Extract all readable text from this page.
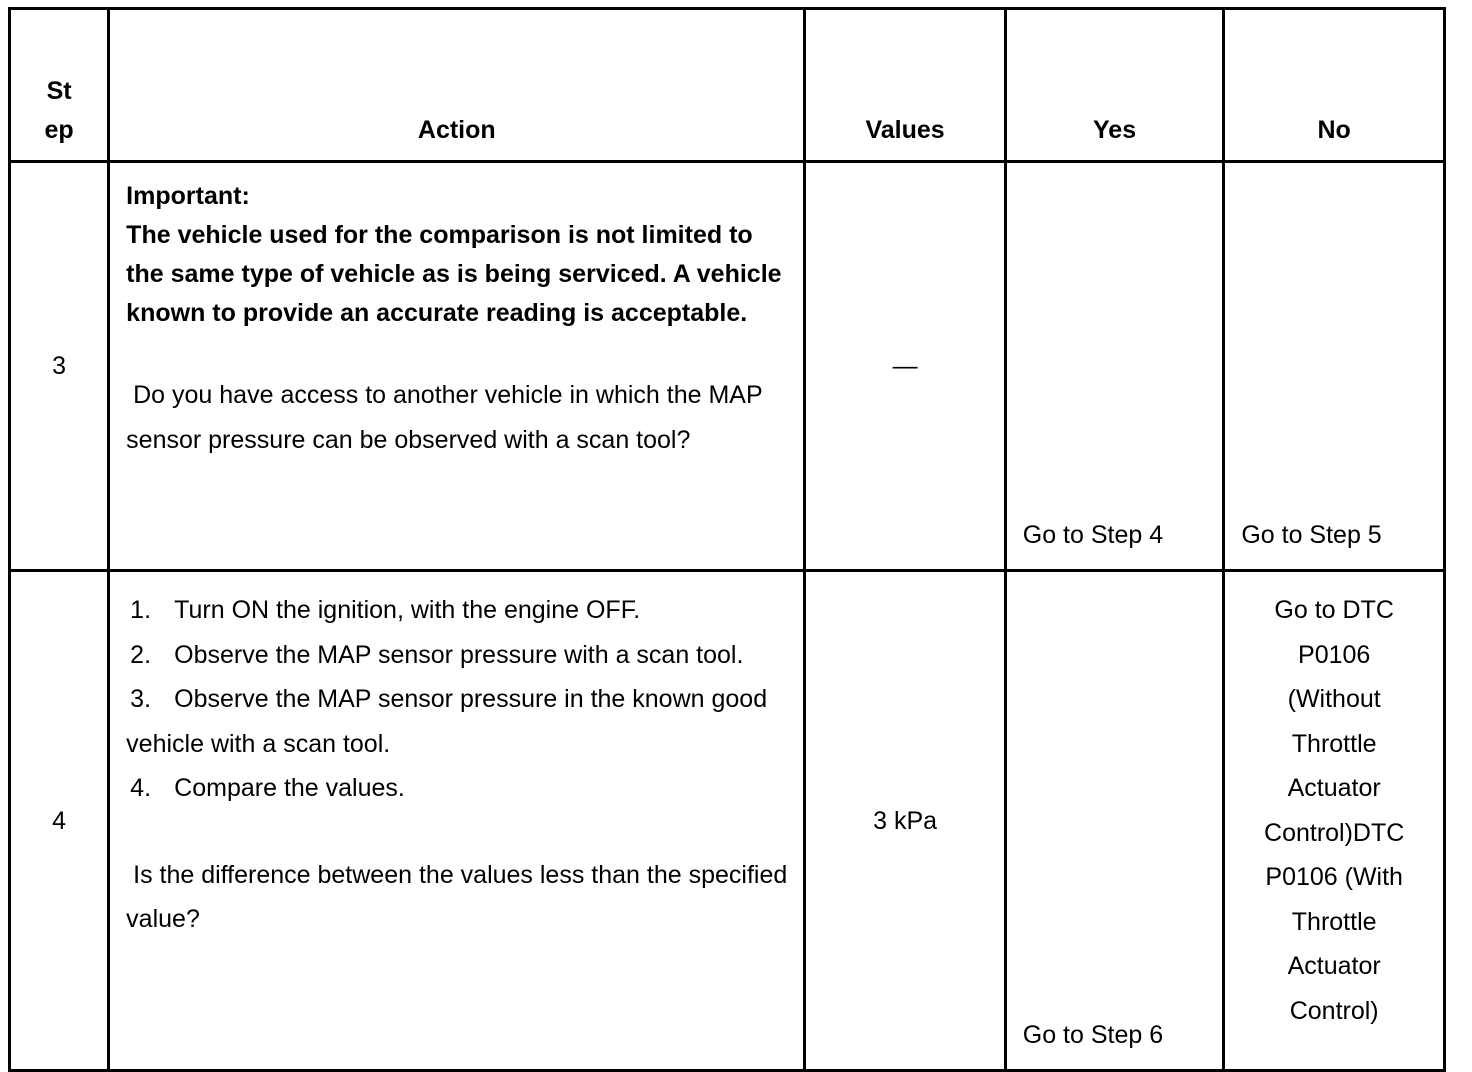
St ep	Action	Values	Yes	No
3	Important:
The vehicle used for the comparison is not limited to the same type of vehicle as is being serviced. A vehicle known to provide an accurate reading is acceptable.
Do you have access to another vehicle in which the MAP sensor pressure can be observed with a scan tool?	—	Go to Step 4	Go to Step 5
4	1. Turn ON the ignition, with the engine OFF.
2. Observe the MAP sensor pressure with a scan tool.
3. Observe the MAP sensor pressure in the known good vehicle with a scan tool.
4. Compare the values.
Is the difference between the values less than the specified value?	3 kPa	Go to Step 6	Go to DTC P0106 (Without Throttle Actuator Control)DTC P0106 (With Throttle Actuator Control)
